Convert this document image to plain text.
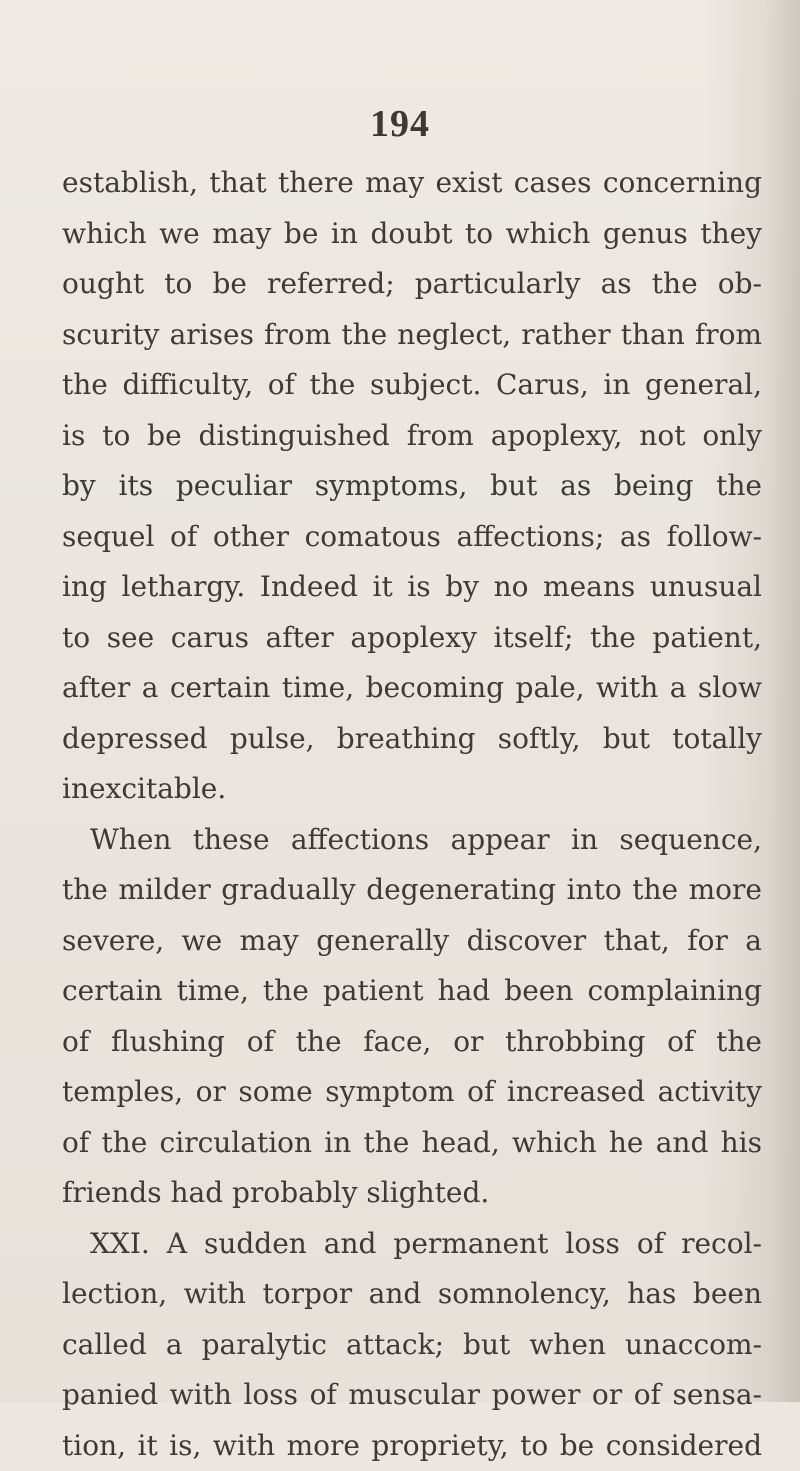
194
establish, that there may exist cases concerning
which we may be in doubt to which genus they
ought to be referred; particularly as the ob-
scurity arises from the neglect, rather than from
the difficulty, of the subject. Carus, in general,
is to be distinguished from apoplexy, not only
by its peculiar symptoms, but as being the
sequel of other comatous affections; as follow-
ing lethargy. Indeed it is by no means unusual
to see carus after apoplexy itself; the patient,
after a certain time, becoming pale, with a slow
depressed pulse, breathing softly, but totally
inexcitable.
When these affections appear in sequence,
the milder gradually degenerating into the more
severe, we may generally discover that, for a
certain time, the patient had been complaining
of flushing of the face, or throbbing of the
temples, or some symptom of increased activity
of the circulation in the head, which he and his
friends had probably slighted.
XXI. A sudden and permanent loss of recol-
lection, with torpor and somnolency, has been
called a paralytic attack; but when unaccom-
panied with loss of muscular power or of sensa-
tion, it is, with more propriety, to be considered
